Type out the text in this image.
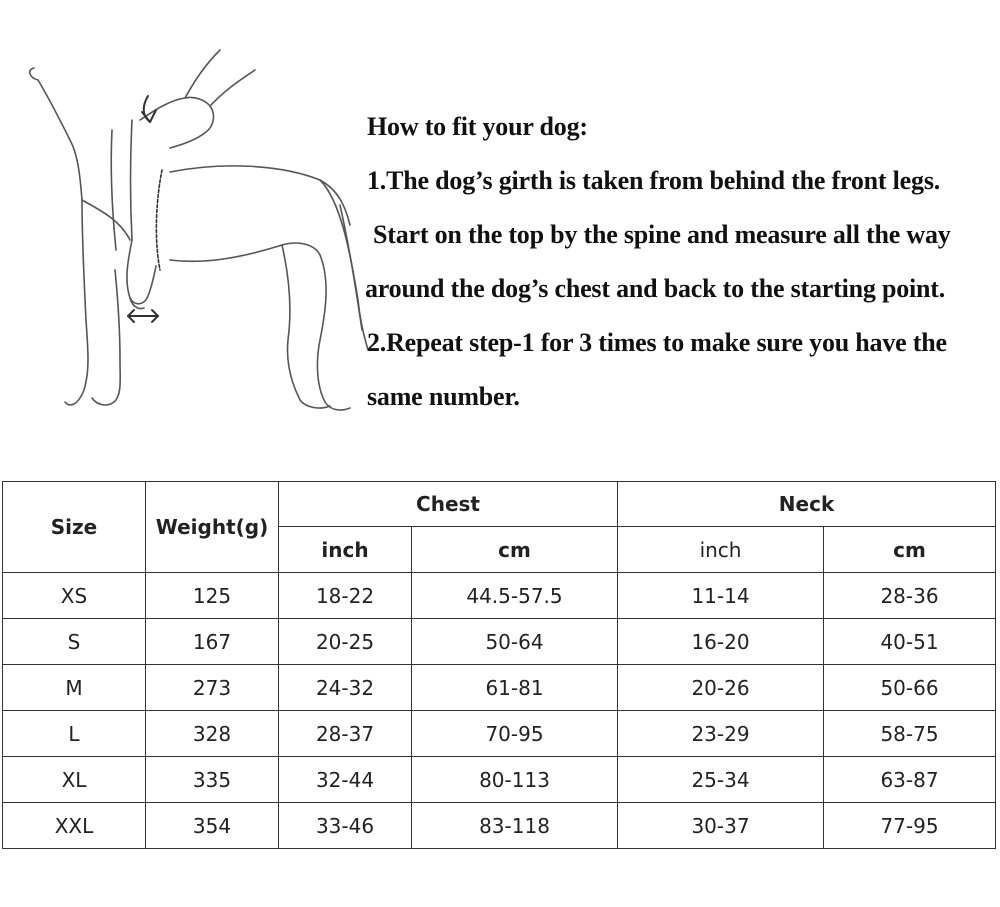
How to fit your dog:
1.The dog’s girth is taken from behind the front legs.
Start on the top by the spine and measure all the way
around the dog’s chest and back to the starting point.
2.Repeat step-1 for 3 times to make sure you have the
same number.
Size	Weight(g)	Chest		Neck	
		inch	cm	inch	cm
XS	125	18-22	44.5-57.5	11-14	28-36
S	167	20-25	50-64	16-20	40-51
M	273	24-32	61-81	20-26	50-66
L	328	28-37	70-95	23-29	58-75
XL	335	32-44	80-113	25-34	63-87
XXL	354	33-46	83-118	30-37	77-95
